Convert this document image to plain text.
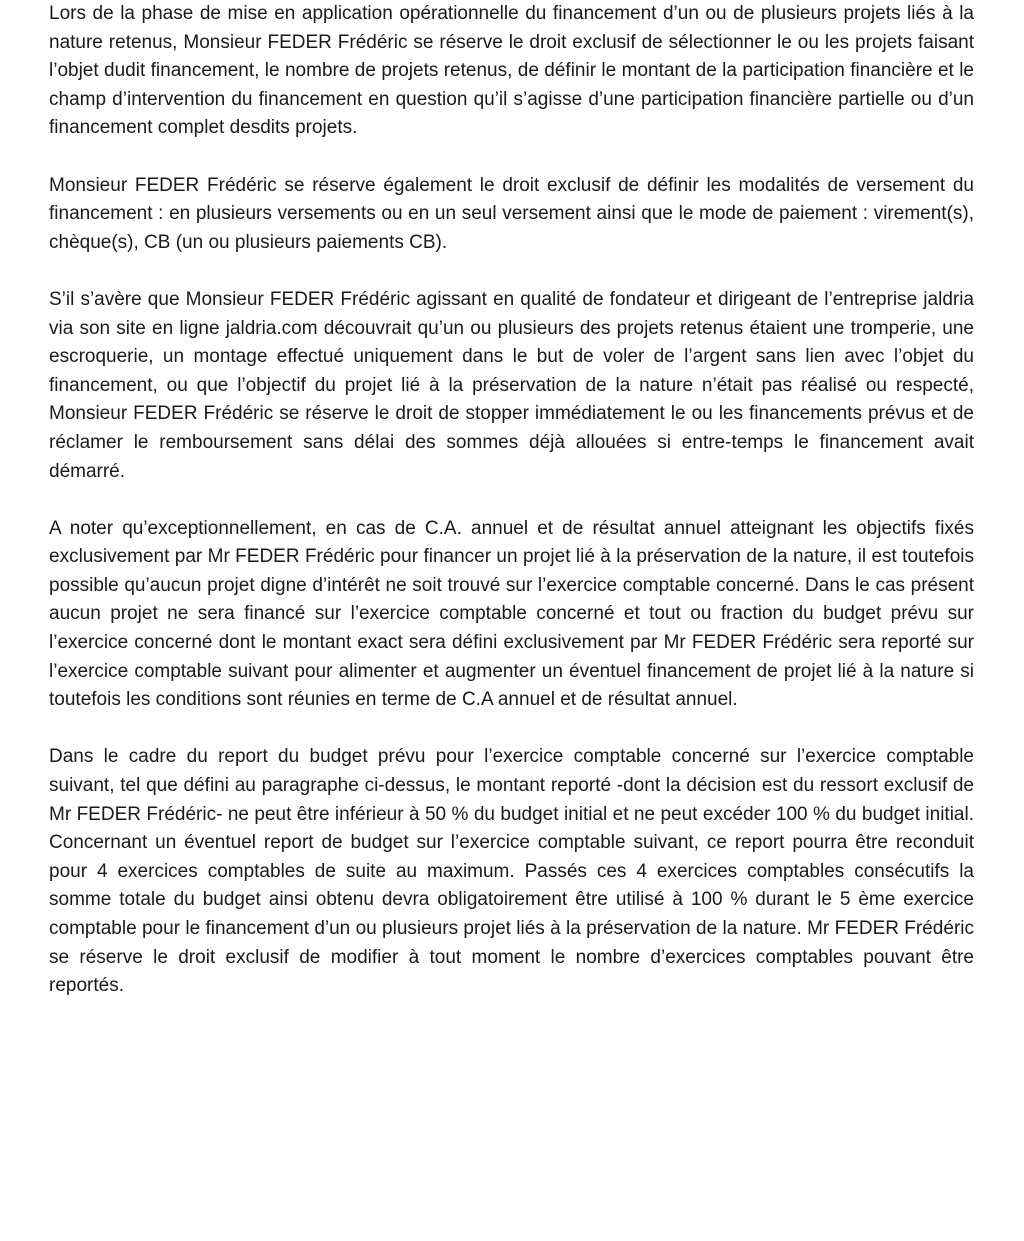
Lors de la phase de mise en application opérationnelle du financement d’un ou de plusieurs projets liés à la nature retenus, Monsieur FEDER Frédéric se réserve le droit exclusif de sélectionner le ou les projets faisant l’objet dudit financement, le nombre de projets retenus, de définir le montant de la participation financière et le champ d’intervention du financement en question qu’il s’agisse d’une participation financière partielle ou d’un financement complet desdits projets.

Monsieur FEDER Frédéric se réserve également le droit exclusif de définir les modalités de versement du financement : en plusieurs versements ou en un seul versement ainsi que le mode de paiement : virement(s), chèque(s), CB (un ou plusieurs paiements CB).

S’il s’avère que Monsieur FEDER Frédéric agissant en qualité de fondateur et dirigeant de l’entreprise jaldria via son site en ligne jaldria.com découvrait qu’un ou plusieurs des projets retenus étaient une tromperie, une escroquerie, un montage effectué uniquement dans le but de voler de l’argent sans lien avec l’objet du financement, ou que l’objectif du projet lié à la préservation de la nature n’était pas réalisé ou respecté, Monsieur FEDER Frédéric se réserve le droit de stopper immédiatement le ou les financements prévus et de réclamer le remboursement sans délai des sommes déjà allouées si entre-temps le financement avait démarré.

A noter qu’exceptionnellement, en cas de C.A. annuel et de résultat annuel atteignant les objectifs fixés exclusivement par Mr FEDER Frédéric pour financer un projet lié à la préservation de la nature, il est toutefois possible qu’aucun projet digne d’intérêt ne soit trouvé sur l’exercice comptable concerné. Dans le cas présent aucun projet ne sera financé sur l’exercice comptable concerné et tout ou fraction du budget prévu sur l’exercice concerné dont le montant exact sera défini exclusivement par Mr FEDER Frédéric sera reporté sur l’exercice comptable suivant pour alimenter et augmenter un éventuel financement de projet lié à la nature si toutefois les conditions sont réunies en terme de C.A annuel et de résultat annuel.

Dans le cadre du report du budget prévu pour l’exercice comptable concerné sur l’exercice comptable suivant, tel que défini au paragraphe ci-dessus, le montant reporté -dont la décision est du ressort exclusif de Mr FEDER Frédéric- ne peut être inférieur à 50 % du budget initial et ne peut excéder 100 % du budget initial. Concernant un éventuel report de budget sur l’exercice comptable suivant, ce report pourra être reconduit pour 4 exercices comptables de suite au maximum. Passés ces 4 exercices comptables consécutifs la somme totale du budget ainsi obtenu devra obligatoirement être utilisé à 100 % durant le 5 ème exercice comptable pour le financement d’un ou plusieurs projet liés à la préservation de la nature. Mr FEDER Frédéric se réserve le droit exclusif de modifier à tout moment le nombre d’exercices comptables pouvant être reportés.
